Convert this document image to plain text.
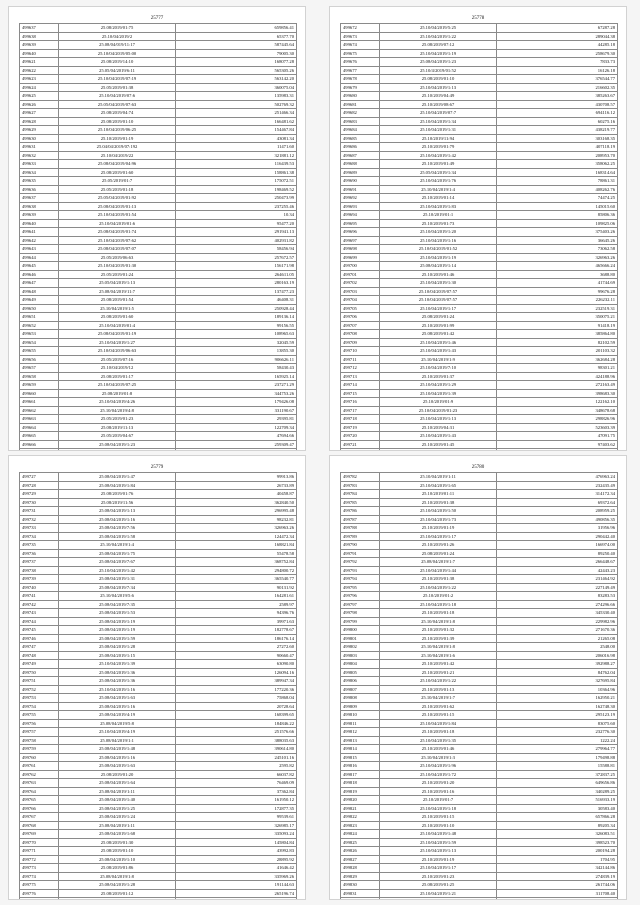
25777
499637	25.08/2019/01:75	659856.41
499638	25.10/04/2019/2	65377.70
499639	25.08/04/019/11:17	587445.64
499640	25.10/04/2019/05:00	79005.30
499621	25.08/2019/14:10	168077.28
499622	25.05/04/2019/6:11	565305.26
499623	25.10/04/2019/07:19	563142.20
499624	25.05/2019/01:38	360075.04
499625	25.10/04/2019/07:6	135983.31
499626	25.05/04/2019/07:63	502769.32
499627	25.08/2019/04:74	251466.34
499628	25.08/2019/01:10	166481.62
499629	25.10/04/2019/06:25	154467.84
499630	25.10/2019/01:19	43081.34
499631	25.04/04/2019/07:192	11471.60
499632	25.10/04/2019/22	321881.12
499633	25.08/04/2019/04:96	116439.53
499634	25.08/2019/01:60	158861.38
499635	25.05/2019/01:7	175072.51
499636	25.05/2019/01:18	198469.52
499637	25.05/04/2019/01:92	250473.99
499638	25.08/04/2019/01:13	237255.46
499639	25.10/04/2019/01:54	10.34
499640	25.10/04/2019/01:6	95477.20
499641	25.08/04/2019/01:74	291941.13
499642	25.10/04/2019/07:62	402931.82
499643	25.08/04/2019/07:07	58456.94
499644	25.05/2019/06:63	257672.57
499645	25.10/04/2019/01:30	156171.98
499646	25.05/2019/01:24	264611.05
499647	25.05/04/2019/1:13	280163.19
499648	25.08/04/2019/11:7	137477.23
499649	25.08/2019/01:54	46408.31
499650	25.10/04/2019/1:5	250928.44
499651	25.08/2019/01:60	189136.14
499652	25.10/04/2019/01:4	99156.55
499653	25.08/04/2019/01:19	108965.63
499654	25.10/04/2019/1:27	32045.59
499655	25.10/04/2019/06:63	13855.30
499656	25.05/2019/07:16	906626.11
499657	25.10/04/2019/12	58430.43
499658	25.08/2019/01:17	165925.14
499659	25.10/04/2019/07:25	237271.29
499660	25.08/2019/01:8	344753.26
499661	25.10/04/2019/4:26	179426.08
499662	25.10/04/2019/4:8	331190.67
499663	25.05/2019/01:23	29395.81
499664	25.08/2019/11:13	122709.34
499665	25.05/2019/04:67	47694.66
499666	25.08/04/2019/1:23	259309.47

25778
499672	25.10/04/2019/5:25	67287.28
499673	25.10/04/2019/1:22	289044.38
499674	25.08/2019/07:12	44285.18
499675	25.10/04/2019/1:19	258679.30
499676	25.08/04/2019/1:23	7833.73
499677	25.10/4/2019/01:52	16126.18
499678	25.08/2019/01:10	376544.77
499679	25.10/04/2019/1:13	216602.35
499680	25.10/2019/04:49	385263.67
499681	25.10/2019/08:67	430708.57
499682	25.10/04/2019/07:7	694116.12
499683	25.10/04/2019/1:34	60275.16
499684	25.10/04/2019/1:31	438219.77
499685	25.10/2019/11:94	303168.35
499686	25.10/2019/01:79	407118.19
499687	25.10/04/2019/1:42	208953.70
499688	25.10/2019/01:49	358062.25
499689	25.05/04/2019/1:34	168314.64
499690	25.10/04/2019/1:76	78861.31
499691	25.10/04/2019/1:4	408262.76
499692	25.10/2019/01:14	74474.25
499693	25.10/04/2019/1:83	145015.60
499694	25.10/2019/01:1	85806.36
499695	25.10/2019/01:73	109825.06
499696	25.10/04/2019/1:20	375403.26
499697	25.10/04/2019/1:16	36645.26
499698	25.10/04/2019/01:52	73062.58
499699	25.10/04/2019/1:19	326963.26
499700	25.08/04/2019/1:14	465666.24
499701	25.10/2019/01:46	3688.80
499702	25.10/04/2019/1:30	41744.69
499703	25.10/04/2019/07:57	99676.28
499704	25.10/04/2019/07:57	226232.11
499705	25.10/04/2019/1:17	232519.31
499706	25.08/2019/01:24	350075.21
499707	25.10/2019/01:99	91418.19
499708	25.08/2019/01:42	385864.80
499709	25.10/04/2019/1:46	82102.59
499710	25.10/04/2019/1:43	201103.32
499711	25.10/04/2019/1:9	362684.28
499712	25.10/04/2019/7:10	98301.21
499713	25.10/2019/01:37	424188.96
499714	25.10/04/2019/1:29	272163.49
499715	25.10/04/2019/1:39	398683.30
499716	25.10/2019/01:9	122162.10
499717	25.10/04/2019/01:23	348678.68
499718	25.10/04/2019/1:13	298826.96
499719	25.10/2019/04:31	523603.39
499720	25.10/04/2019/1:43	47091.75
499721	25.10/2019/01:45	97403.62

25779
499727	25.08/04/2019/1:47	99913.86
499728	25.08/04/2019/1:84	26733.89
499729	25.08/2019/01:76	40458.87
499730	25.08/2019/11:56	362840.50
499731	25.08/04/2019/1:13	296995.48
499732	25.08/04/2019/1:16	98232.81
499733	25.08/04/2019/7:56	326963.26
499734	25.08/04/2019/1:58	124472.34
499735	25.10/04/2019/1:4	168821.84
499736	25.08/04/2019/1:75	55478.58
499737	25.08/04/2019/7:67	368752.84
499738	25.10/04/2019/1:42	294800.72
499739	25.08/04/2019/1:31	365540.77
499740	25.08/04/2019/7:34	90131.92
499741	25.10/04/2019/5:6	164281.61
499742	25.08/04/2019/7:35	2589.97
499743	25.08/04/2019/1:53	94396.76
499744	25.08/04/2019/1:19	39971.63
499745	25.08/04/2019/1:19	182778.67
499746	25.08/04/2019/1:59	186176.14
499747	25.08/04/2019/1:28	27272.60
499748	25.08/04/2019/1:15	90660.47
499749	25.10/04/2019/1:39	63090.80
499750	25.08/04/2019/1:36	126094.16
499751	25.08/04/2019/1:36	389947.34
499752	25.10/04/2019/1:16	177220.36
499753	25.08/04/2019/1:63	75868.04
499754	25.08/04/2019/1:16	20728.64
499755	25.08/04/2019/4:19	168399.65
499756	25.08/04/2019/5:8	184846.22
499757	25.10/04/2019/4:19	251576.66
499758	25.08/04/2019/1:1	388035.63
499759	25.08/04/2019/1:48	390614.80
499760	25.08/04/2019/1:16	245101.16
499761	25.08/04/2019/1:63	2595.82
499762	25.08/2019/01:20	66037.82
499763	25.08/04/2019/1:64	76469.09
499764	25.08/04/2019/1:11	37362.84
499765	25.08/04/2019/1:40	161950.12
499766	25.08/04/2019/1:25	172877.35
499767	25.08/04/2019/1:24	99539.61
499768	25.08/04/2019/1:11	326985.17
499769	25.08/04/2019/1:68	335093.24
499770	25.08/2019/01:30	145804.84
499771	25.08/2019/01:10	43992.83
499772	25.08/04/2019/1:10	28895.92
499773	25.08/2019/01:86	41646.42
499774	25.08/04/2019/1:8	335969.26
499775	25.08/04/2019/1:28	191144.63
499776	25.08/2019/01:12	265196.74

25780
499782	25.10/04/2019/1:11	476963.24
499783	25.10/04/2019/1:65	232435.49
499784	25.10/2019/01:11	314172.34
499785	25.10/2019/01:38	69372.64
499786	25.10/04/2019/1:50	208959.25
499787	25.10/04/2019/1:73	490856.35
499788	25.10/2019/01:19	31956.96
499789	25.10/04/2019/1:17	290442.40
499790	25.10/2019/01:26	166974.00
499791	25.08/2019/01:24	89250.40
499792	25.08/04/2019/1:7	266448.67
499793	25.10/04/2019/1:44	42443.23
499794	25.10/2019/01:38	231464.92
499795	25.10/04/2019/1:22	227149.49
499796	25.10/2019/01:2	83283.53
499797	25.10/04/2019/1:18	274296.66
499798	25.10/2019/01:18	345330.40
499799	25.10/04/2019/1:8	229982.96
499800	25.10/2019/01:32	271670.36
499801	25.10/2019/01:39	21265.08
499802	25.10/04/2019/1:8	2548.00
499803	25.10/04/2019/1:6	206016.98
499804	25.10/2019/01:42	392988.27
499805	25.10/2019/01:21	84762.04
499806	25.10/04/2019/1:22	327695.84
499807	25.10/2019/01:13	10364.96
499808	25.10/04/2019/1:7	162950.21
499809	25.10/2019/01:62	162748.30
499810	25.10/2019/01:15	295123.19
499811	25.10/04/2019/1:84	83075.60
499812	25.10/2019/01:18	232776.30
499813	25.10/04/2019/1:35	1222.24
499814	25.10/2019/01:46	279964.77
499815	25.10/04/2019/1:3	179498.88
499816	25.10/04/2019/1:96	15588.81
499817	25.10/04/2019/1:72	372837.25
499818	25.10/2019/01:20	649656.86
499819	25.10/2019/01:16	340289.25
499820	25.10/2019/01:7	516933.19
499821	25.10/04/2019/1:18	30583.40
499822	25.10/2019/01:15	657866.28
499823	25.10/2019/01:10	89205.34
499824	25.10/04/2019/1:48	326083.51
499825	25.10/04/2019/1:59	398523.70
499826	25.10/04/2019/1:13	200194.28
499827	25.10/2019/01:19	1704.95
499828	25.10/04/2019/1:17	342144.86
499829	25.10/2019/01:23	274839.19
499830	25.08/2019/01:25	261744.06
499831	25.10/04/2019/1:21	311708.40
